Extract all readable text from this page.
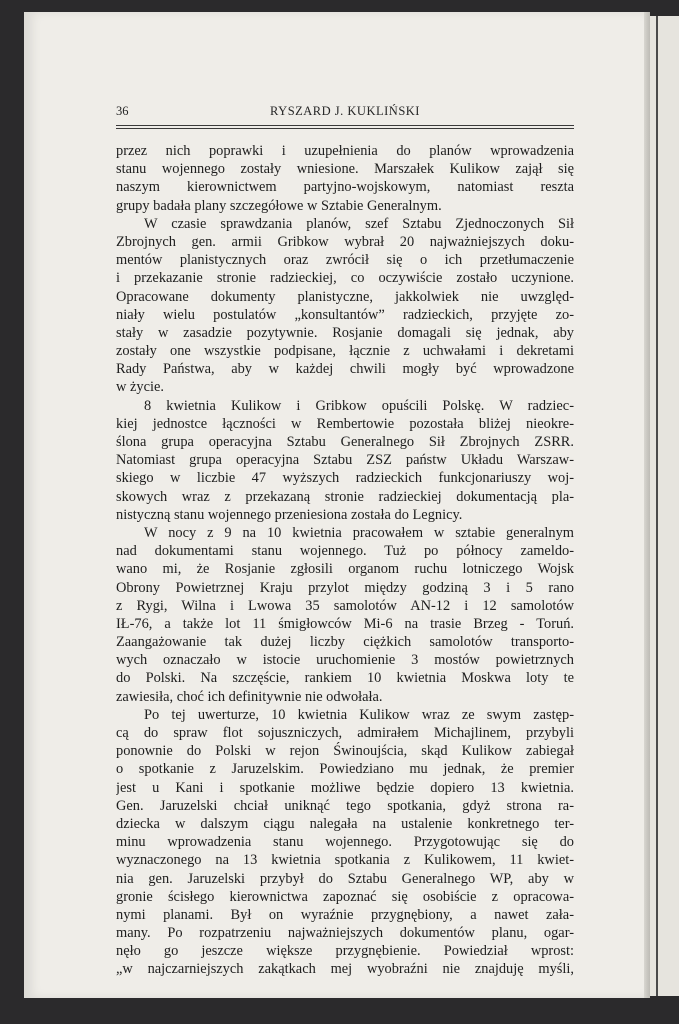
36	RYSZARD J. KUKLIŃSKI
przez nich poprawki i uzupełnienia do planów wprowadzenia
stanu wojennego zostały wniesione. Marszałek Kulikow zajął się
naszym kierownictwem partyjno-wojskowym, natomiast reszta
grupy badała plany szczegółowe w Sztabie Generalnym.
W czasie sprawdzania planów, szef Sztabu Zjednoczonych Sił
Zbrojnych gen. armii Gribkow wybrał 20 najważniejszych doku-
mentów planistycznych oraz zwrócił się o ich przetłumaczenie
i przekazanie stronie radzieckiej, co oczywiście zostało uczynione.
Opracowane dokumenty planistyczne, jakkolwiek nie uwzględ-
niały wielu postulatów „konsultantów” radzieckich, przyjęte zo-
stały w zasadzie pozytywnie. Rosjanie domagali się jednak, aby
zostały one wszystkie podpisane, łącznie z uchwałami i dekretami
Rady Państwa, aby w każdej chwili mogły być wprowadzone
w życie.
8 kwietnia Kulikow i Gribkow opuścili Polskę. W radziec-
kiej jednostce łączności w Rembertowie pozostała bliżej nieokre-
ślona grupa operacyjna Sztabu Generalnego Sił Zbrojnych ZSRR.
Natomiast grupa operacyjna Sztabu ZSZ państw Układu Warszaw-
skiego w liczbie 47 wyższych radzieckich funkcjonariuszy woj-
skowych wraz z przekazaną stronie radzieckiej dokumentacją pla-
nistyczną stanu wojennego przeniesiona została do Legnicy.
W nocy z 9 na 10 kwietnia pracowałem w sztabie generalnym
nad dokumentami stanu wojennego. Tuż po północy zameldo-
wano mi, że Rosjanie zgłosili organom ruchu lotniczego Wojsk
Obrony Powietrznej Kraju przylot między godziną 3 i 5 rano
z Rygi, Wilna i Lwowa 35 samolotów AN-12 i 12 samolotów
IŁ-76, a także lot 11 śmigłowców Mi-6 na trasie Brzeg - Toruń.
Zaangażowanie tak dużej liczby ciężkich samolotów transporto-
wych oznaczało w istocie uruchomienie 3 mostów powietrznych
do Polski. Na szczęście, rankiem 10 kwietnia Moskwa loty te
zawiesiła, choć ich definitywnie nie odwołała.
Po tej uwerturze, 10 kwietnia Kulikow wraz ze swym zastęp-
cą do spraw flot sojuszniczych, admirałem Michajlinem, przybyli
ponownie do Polski w rejon Świnoujścia, skąd Kulikow zabiegał
o spotkanie z Jaruzelskim. Powiedziano mu jednak, że premier
jest u Kani i spotkanie możliwe będzie dopiero 13 kwietnia.
Gen. Jaruzelski chciał uniknąć tego spotkania, gdyż strona ra-
dziecka w dalszym ciągu nalegała na ustalenie konkretnego ter-
minu wprowadzenia stanu wojennego. Przygotowując się do
wyznaczonego na 13 kwietnia spotkania z Kulikowem, 11 kwiet-
nia gen. Jaruzelski przybył do Sztabu Generalnego WP, aby w
gronie ścisłego kierownictwa zapoznać się osobiście z opracowa-
nymi planami. Był on wyraźnie przygnębiony, a nawet zała-
many. Po rozpatrzeniu najważniejszych dokumentów planu, ogar-
nęło go jeszcze większe przygnębienie. Powiedział wprost:
„w najczarniejszych zakątkach mej wyobraźni nie znajduję myśli,
